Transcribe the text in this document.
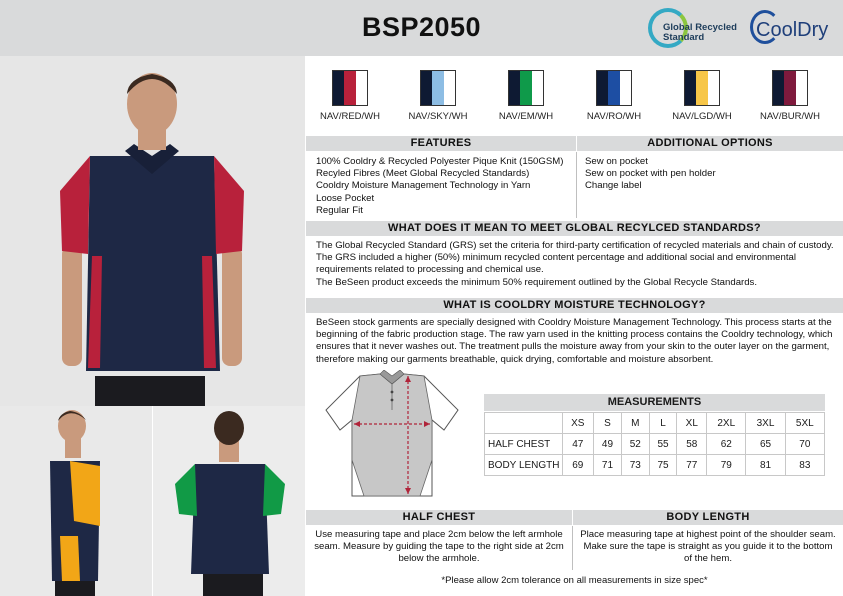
BSP2050	Global Recycled Standard	CoolDry
NAV/RED/WH	NAV/SKY/WH	NAV/EM/WH	NAV/RO/WH	NAV/LGD/WH	NAV/BUR/WH
FEATURES	ADDITIONAL OPTIONS
100% Cooldry & Recycled Polyester Pique Knit (150GSM)
Recyled Fibres (Meet Global Recycled Standards)
Cooldry Moisture Management Technology in Yarn
Loose Pocket
Regular Fit
Sew on pocket
Sew on pocket with pen holder
Change label
WHAT DOES IT MEAN TO MEET GLOBAL RECYLCED STANDARDS?
The Global Recycled Standard (GRS) set the criteria for third-party certification of recycled materials and chain of custody. The GRS included a higher (50%) minimum recycled content percentage and additional social and environmental requirements related to processing and chemical use.
The BeSeen product exceeds the minimum 50% requirement outlined by the Global Recycle Standards.
WHAT IS COOLDRY MOISTURE TECHNOLOGY?
BeSeen stock garments are specially designed with Cooldry Moisture Management Technology. This process starts at the beginning of the fabric production stage. The raw yarn used in the knitting process contains the Cooldry technology, which ensures that it never washes out. The treatment pulls the moisture away from your skin to the outer layer on the garment, therefore making our garments breathable, quick drying, comfortable and moisture absorbent.
MEASUREMENTS
	XS	S	M	L	XL	2XL	3XL	5XL
HALF CHEST	47	49	52	55	58	62	65	70
BODY LENGTH	69	71	73	75	77	79	81	83
HALF CHEST	BODY LENGTH
Use measuring tape and place 2cm below the left armhole seam. Measure by guiding the tape to the right side at 2cm below the armhole.
Place measuring tape at highest point of the shoulder seam. Make sure the tape is straight as you guide it to the bottom of the hem.
*Please allow 2cm tolerance on all measurements in size spec*
